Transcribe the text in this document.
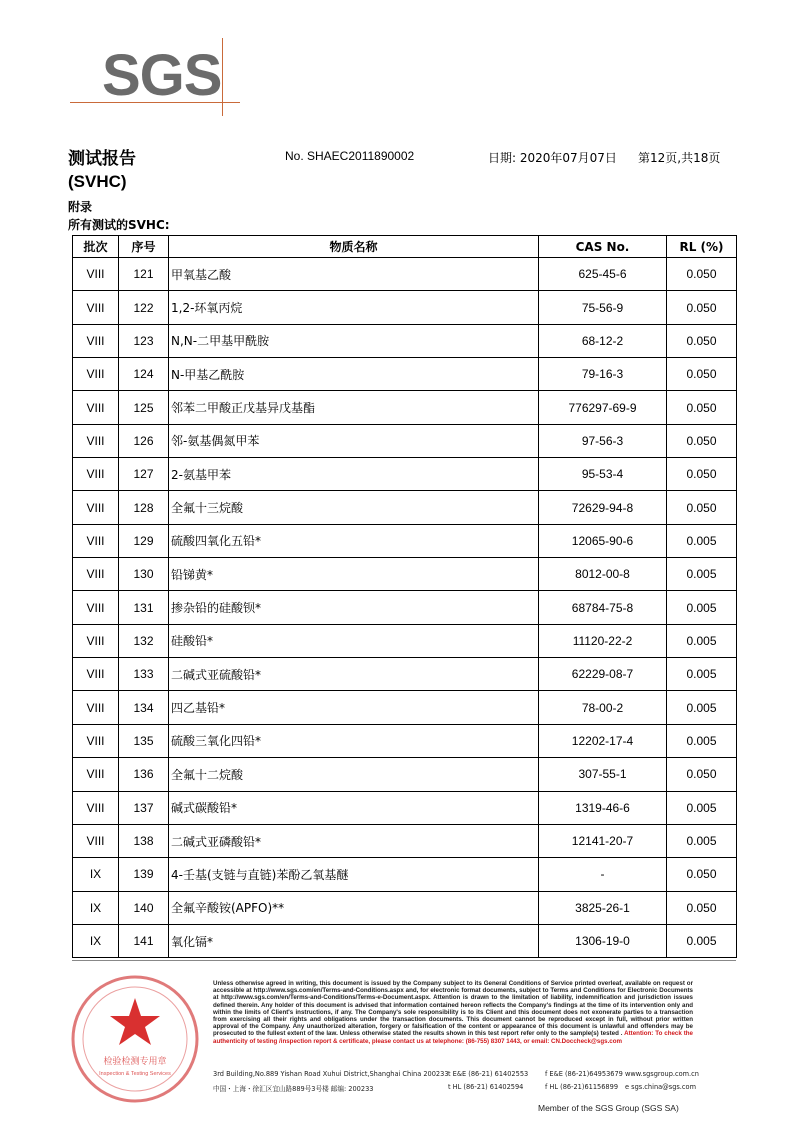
SGS
测试报告	No. SHAEC2011890002	日期: 2020年07月07日 第12页,共18页
(SVHC)
附录
所有测试的SVHC:
批次	序号	物质名称	CAS No.	RL (%)
VIII	121	甲氧基乙酸	625-45-6	0.050
VIII	122	1,2-环氧丙烷	75-56-9	0.050
VIII	123	N,N-二甲基甲酰胺	68-12-2	0.050
VIII	124	N-甲基乙酰胺	79-16-3	0.050
VIII	125	邻苯二甲酸正戊基异戊基酯	776297-69-9	0.050
VIII	126	邻-氨基偶氮甲苯	97-56-3	0.050
VIII	127	2-氨基甲苯	95-53-4	0.050
VIII	128	全氟十三烷酸	72629-94-8	0.050
VIII	129	硫酸四氧化五铅*	12065-90-6	0.005
VIII	130	铅锑黄*	8012-00-8	0.005
VIII	131	掺杂铅的硅酸钡*	68784-75-8	0.005
VIII	132	硅酸铅*	11120-22-2	0.005
VIII	133	二碱式亚硫酸铅*	62229-08-7	0.005
VIII	134	四乙基铅*	78-00-2	0.005
VIII	135	硫酸三氧化四铅*	12202-17-4	0.005
VIII	136	全氟十二烷酸	307-55-1	0.050
VIII	137	碱式碳酸铅*	1319-46-6	0.005
VIII	138	二碱式亚磷酸铅*	12141-20-7	0.005
IX	139	4-壬基(支链与直链)苯酚乙氧基醚	-	0.050
IX	140	全氟辛酸铵(APFO)**	3825-26-1	0.050
IX	141	氧化镉*	1306-19-0	0.005
检验检测专用章
Inspection & Testing Services
Unless otherwise agreed in writing, this document is issued by the Company subject to its General Conditions of Service printed overleaf, available on request or accessible at http://www.sgs.com/en/Terms-and-Conditions.aspx and, for electronic format documents, subject to Terms and Conditions for Electronic Documents at http://www.sgs.com/en/Terms-and-Conditions/Terms-e-Document.aspx. Attention is drawn to the limitation of liability, indemnification and jurisdiction issues defined therein. Any holder of this document is advised that information contained hereon reflects the Company's findings at the time of its intervention only and within the limits of Client's instructions, if any. The Company's sole responsibility is to its Client and this document does not exonerate parties to a transaction from exercising all their rights and obligations under the transaction documents. This document cannot be reproduced except in full, without prior written approval of the Company. Any unauthorized alteration, forgery or falsification of the content or appearance of this document is unlawful and offenders may be prosecuted to the fullest extent of the law. Unless otherwise stated the results shown in this test report refer only to the sample(s) tested . Attention: To check the authenticity of testing /inspection report & certificate, please contact us at telephone: (86-755) 8307 1443, or email: CN.Doccheck@sgs.com
3rd Building,No.889 Yishan Road Xuhui District,Shanghai China 200233
中国・上海・徐汇区宜山路889号3号楼 邮编: 200233
t E&E (86-21) 61402553	f E&E (86-21)64953679 www.sgsgroup.com.cn
t HL (86-21) 61402594	f HL (86-21)61156899 e sgs.china@sgs.com
Member of the SGS Group (SGS SA)
